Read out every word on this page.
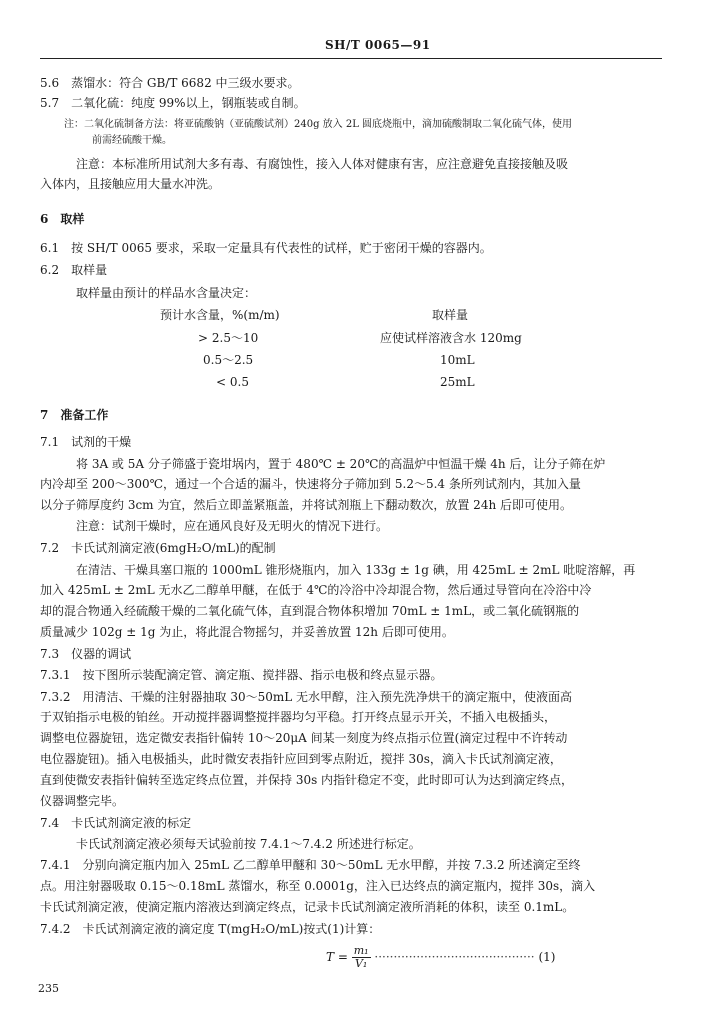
SH/T 0065—91
5.6　蒸馏水：符合 GB/T 6682 中三级水要求。
5.7　二氧化硫：纯度 99%以上，钢瓶装或自制。
注：二氧化硫制备方法：将亚硫酸钠（亚硫酸试剂）240g 放入 2L 圆底烧瓶中，滴加硫酸制取二氧化硫气体，使用
前需经硫酸干燥。
注意：本标准所用试剂大多有毒、有腐蚀性，接入人体对健康有害，应注意避免直接接触及吸
入体内，且接触应用大量水冲洗。
6　取样
6.1　按 SH/T 0065 要求，采取一定量具有代表性的试样，贮于密闭干燥的容器内。
6.2　取样量
取样量由预计的样品水含量决定：
预计水含量，%(m/m)	取样量
> 2.5～10	应使试样溶液含水 120mg
0.5～2.5	10mL
< 0.5	25mL
7　准备工作
7.1　试剂的干燥
将 3A 或 5A 分子筛盛于瓷坩埚内，置于 480℃ ± 20℃的高温炉中恒温干燥 4h 后，让分子筛在炉
内冷却至 200～300℃，通过一个合适的漏斗，快速将分子筛加到 5.2～5.4 条所列试剂内，其加入量
以分子筛厚度约 3cm 为宜，然后立即盖紧瓶盖，并将试剂瓶上下翻动数次，放置 24h 后即可使用。
注意：试剂干燥时，应在通风良好及无明火的情况下进行。
7.2　卡氏试剂滴定液(6mgH₂O/mL)的配制
在清洁、干燥具塞口瓶的 1000mL 锥形烧瓶内，加入 133g ± 1g 碘，用 425mL ± 2mL 吡啶溶解，再
加入 425mL ± 2mL 无水乙二醇单甲醚，在低于 4℃的冷浴中冷却混合物，然后通过导管向在冷浴中冷
却的混合物通入经硫酸干燥的二氧化硫气体，直到混合物体积增加 70mL ± 1mL，或二氧化硫钢瓶的
质量减少 102g ± 1g 为止，将此混合物摇匀，并妥善放置 12h 后即可使用。
7.3　仪器的调试
7.3.1　按下图所示装配滴定管、滴定瓶、搅拌器、指示电极和终点显示器。
7.3.2　用清洁、干燥的注射器抽取 30～50mL 无水甲醇，注入预先洗净烘干的滴定瓶中，使液面高
于双铂指示电极的铂丝。开动搅拌器调整搅拌器均匀平稳。打开终点显示开关，不插入电极插头，
调整电位器旋钮，选定微安表指针偏转 10～20μA 间某一刻度为终点指示位置(滴定过程中不许转动
电位器旋钮)。插入电极插头，此时微安表指针应回到零点附近，搅拌 30s，滴入卡氏试剂滴定液，
直到使微安表指针偏转至选定终点位置，并保持 30s 内指针稳定不变，此时即可认为达到滴定终点，
仪器调整完毕。
7.4　卡氏试剂滴定液的标定
卡氏试剂滴定液必须每天试验前按 7.4.1～7.4.2 所述进行标定。
7.4.1　分别向滴定瓶内加入 25mL 乙二醇单甲醚和 30～50mL 无水甲醇，并按 7.3.2 所述滴定至终
点。用注射器吸取 0.15～0.18mL 蒸馏水，称至 0.0001g，注入已达终点的滴定瓶内，搅拌 30s，滴入
卡氏试剂滴定液，使滴定瓶内溶液达到滴定终点，记录卡氏试剂滴定液所消耗的体积，读至 0.1mL。
7.4.2　卡氏试剂滴定液的滴定度 T(mgH₂O/mL)按式(1)计算：
$T = \frac{\text{m₁}}{\text{V₁}}$ ·········································· (1)
235
